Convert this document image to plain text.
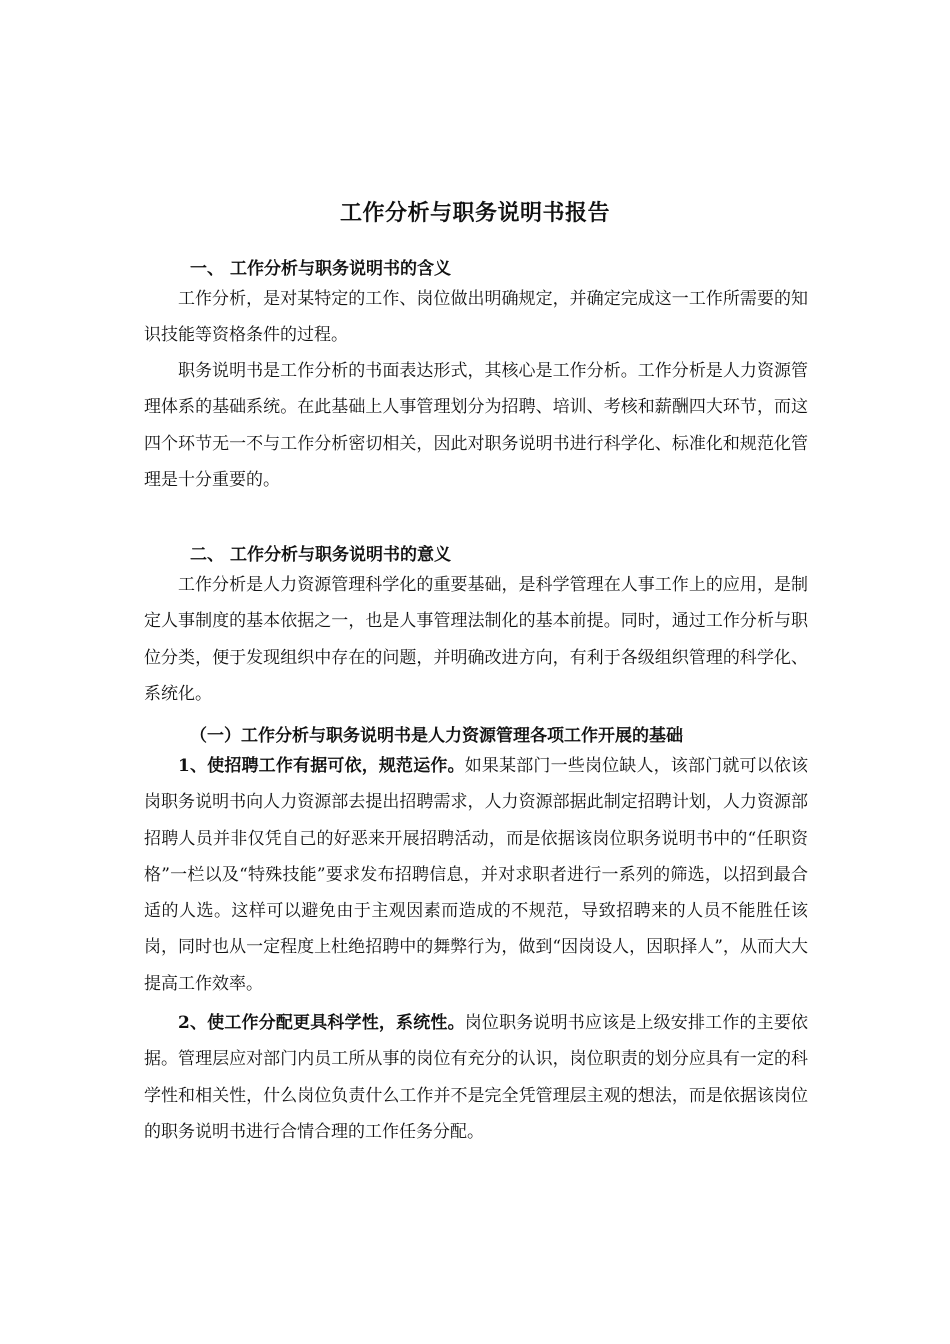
工作分析与职务说明书报告
一、 工作分析与职务说明书的含义

工作分析，是对某特定的工作、岗位做出明确规定，并确定完成这一工作所需要的知识技能等资格条件的过程。

职务说明书是工作分析的书面表达形式，其核心是工作分析。工作分析是人力资源管理体系的基础系统。在此基础上人事管理划分为招聘、培训、考核和薪酬四大环节，而这四个环节无一不与工作分析密切相关，因此对职务说明书进行科学化、标准化和规范化管理是十分重要的。

二、 工作分析与职务说明书的意义

工作分析是人力资源管理科学化的重要基础，是科学管理在人事工作上的应用，是制定人事制度的基本依据之一，也是人事管理法制化的基本前提。同时，通过工作分析与职位分类，便于发现组织中存在的问题，并明确改进方向，有利于各级组织管理的科学化、系统化。

（一）工作分析与职务说明书是人力资源管理各项工作开展的基础

1、使招聘工作有据可依，规范运作。如果某部门一些岗位缺人，该部门就可以依该岗职务说明书向人力资源部去提出招聘需求，人力资源部据此制定招聘计划，人力资源部招聘人员并非仅凭自己的好恶来开展招聘活动，而是依据该岗位职务说明书中的“任职资格”一栏以及“特殊技能”要求发布招聘信息，并对求职者进行一系列的筛选，以招到最合适的人选。这样可以避免由于主观因素而造成的不规范，导致招聘来的人员不能胜任该岗，同时也从一定程度上杜绝招聘中的舞弊行为，做到“因岗设人，因职择人”，从而大大提高工作效率。

2、使工作分配更具科学性，系统性。岗位职务说明书应该是上级安排工作的主要依据。管理层应对部门内员工所从事的岗位有充分的认识，岗位职责的划分应具有一定的科学性和相关性，什么岗位负责什么工作并不是完全凭管理层主观的想法，而是依据该岗位的职务说明书进行合情合理的工作任务分配。
